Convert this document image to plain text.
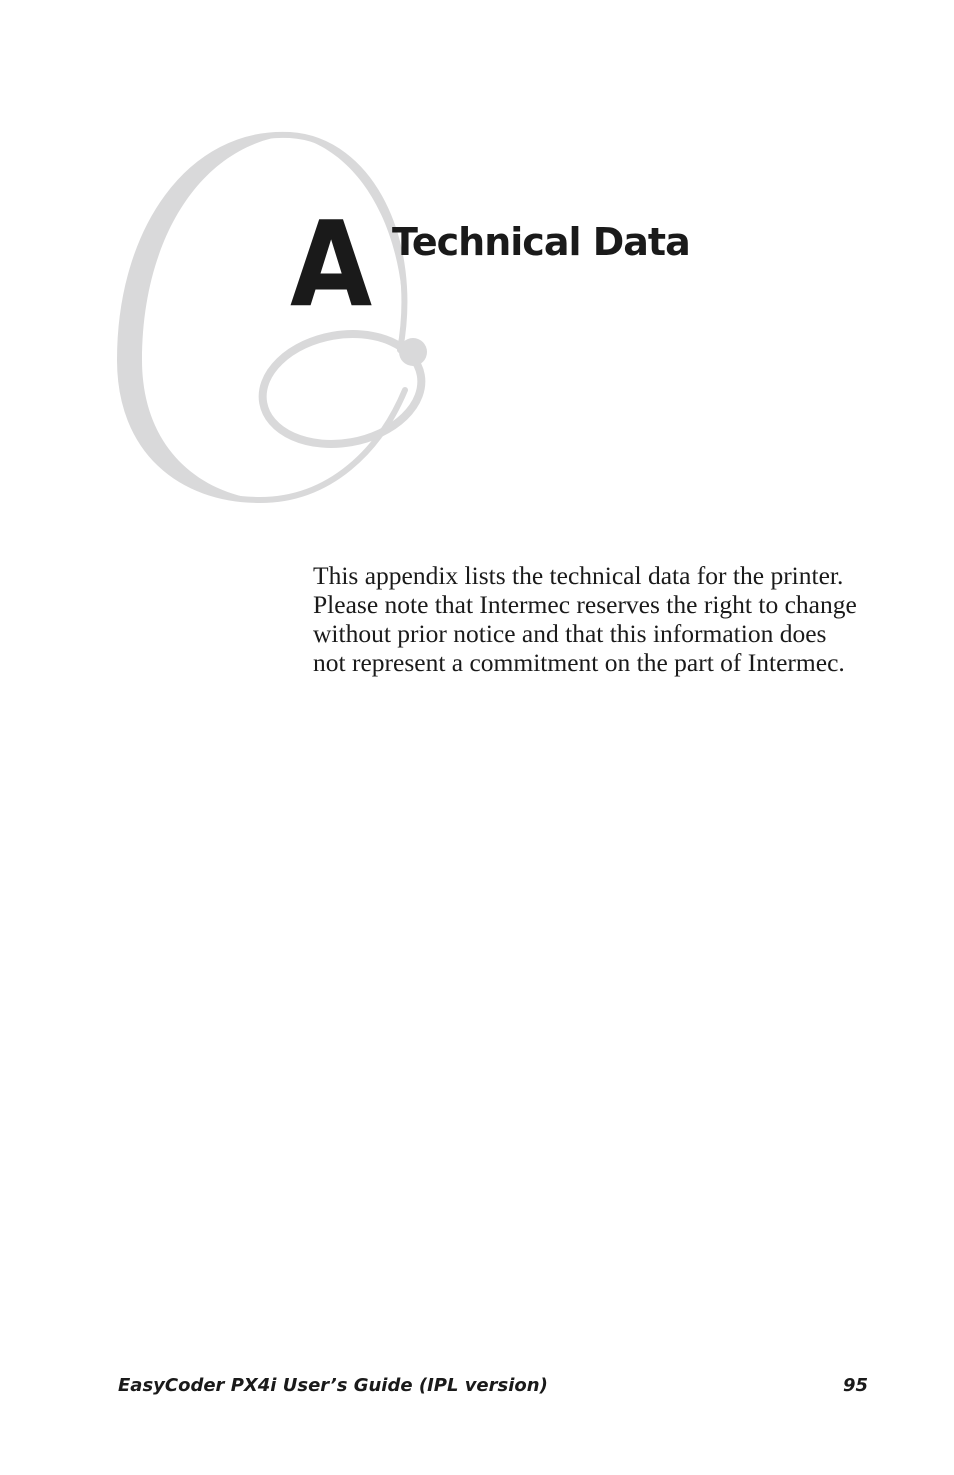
A Technical Data
This appendix lists the technical data for the printer.
Please note that Intermec reserves the right to change
without prior notice and that this information does
not represent a commitment on the part of Intermec.
EasyCoder PX4i User’s Guide (IPL version)	95
